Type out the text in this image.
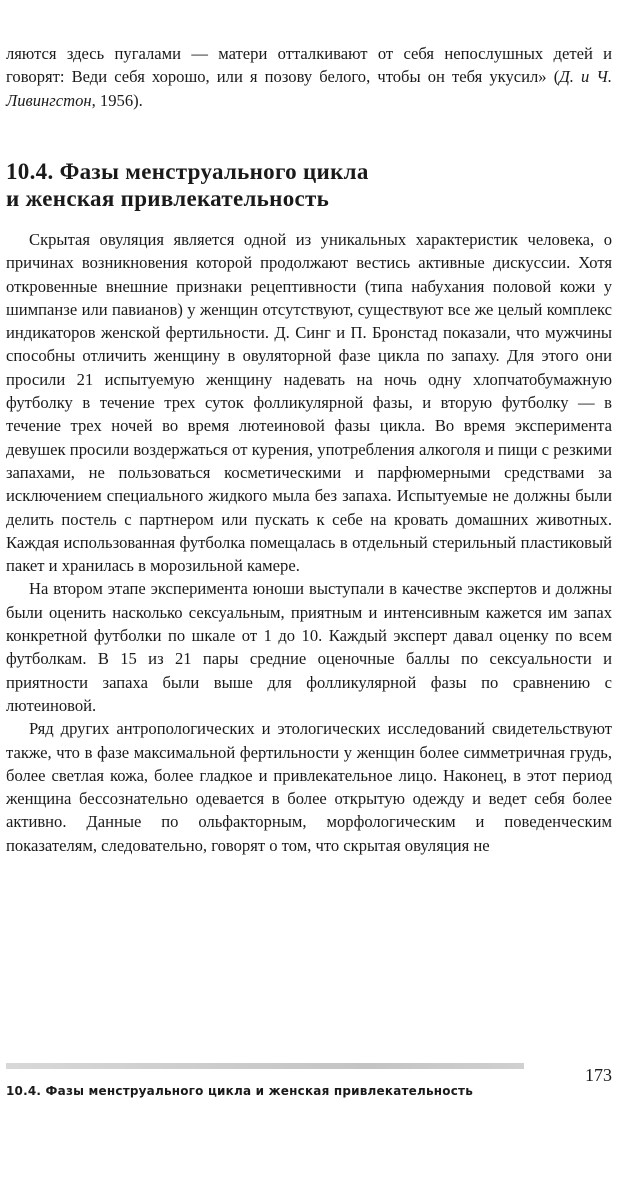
ляются здесь пугалами — матери отталкивают от себя непослушных детей и говорят: Веди себя хорошо, или я позову белого, чтобы он тебя укусил» (Д. и Ч. Ливингстон, 1956).

10.4. Фазы менструального цикла
и женская привлекательность

Скрытая овуляция является одной из уникальных характеристик человека, о причинах возникновения которой продолжают вестись активные дискуссии. Хотя откровенные внешние признаки рецептивности (типа набухания половой кожи у шимпанзе или павианов) у женщин отсутствуют, существуют все же целый комплекс индикаторов женской фертильности. Д. Синг и П. Бронстад показали, что мужчины способны отличить женщину в овуляторной фазе цикла по запаху. Для этого они просили 21 испытуемую женщину надевать на ночь одну хлопчатобумажную футболку в течение трех суток фолликулярной фазы, и вторую футболку — в течение трех ночей во время лютеиновой фазы цикла. Во время эксперимента девушек просили воздержаться от курения, употребления алкоголя и пищи с резкими запахами, не пользоваться косметическими и парфюмерными средствами за исключением специального жидкого мыла без запаха. Испытуемые не должны были делить постель с партнером или пускать к себе на кровать домашних животных. Каждая использованная футболка помещалась в отдельный стерильный пластиковый пакет и хранилась в морозильной камере.

На втором этапе эксперимента юноши выступали в качестве экспертов и должны были оценить насколько сексуальным, приятным и интенсивным кажется им запах конкретной футболки по шкале от 1 до 10. Каждый эксперт давал оценку по всем футболкам. В 15 из 21 пары средние оценочные баллы по сексуальности и приятности запаха были выше для фолликулярной фазы по сравнению с лютеиновой.

Ряд других антропологических и этологических исследований свидетельствуют также, что в фазе максимальной фертильности у женщин более симметричная грудь, более светлая кожа, более гладкое и привлекательное лицо. Наконец, в этот период женщина бессознательно одевается в более открытую одежду и ведет себя более активно. Данные по ольфакторным, морфологическим и поведенческим показателям, следовательно, говорят о том, что скрытая овуляция не

173
10.4. Фазы менструального цикла и женская привлекательность
